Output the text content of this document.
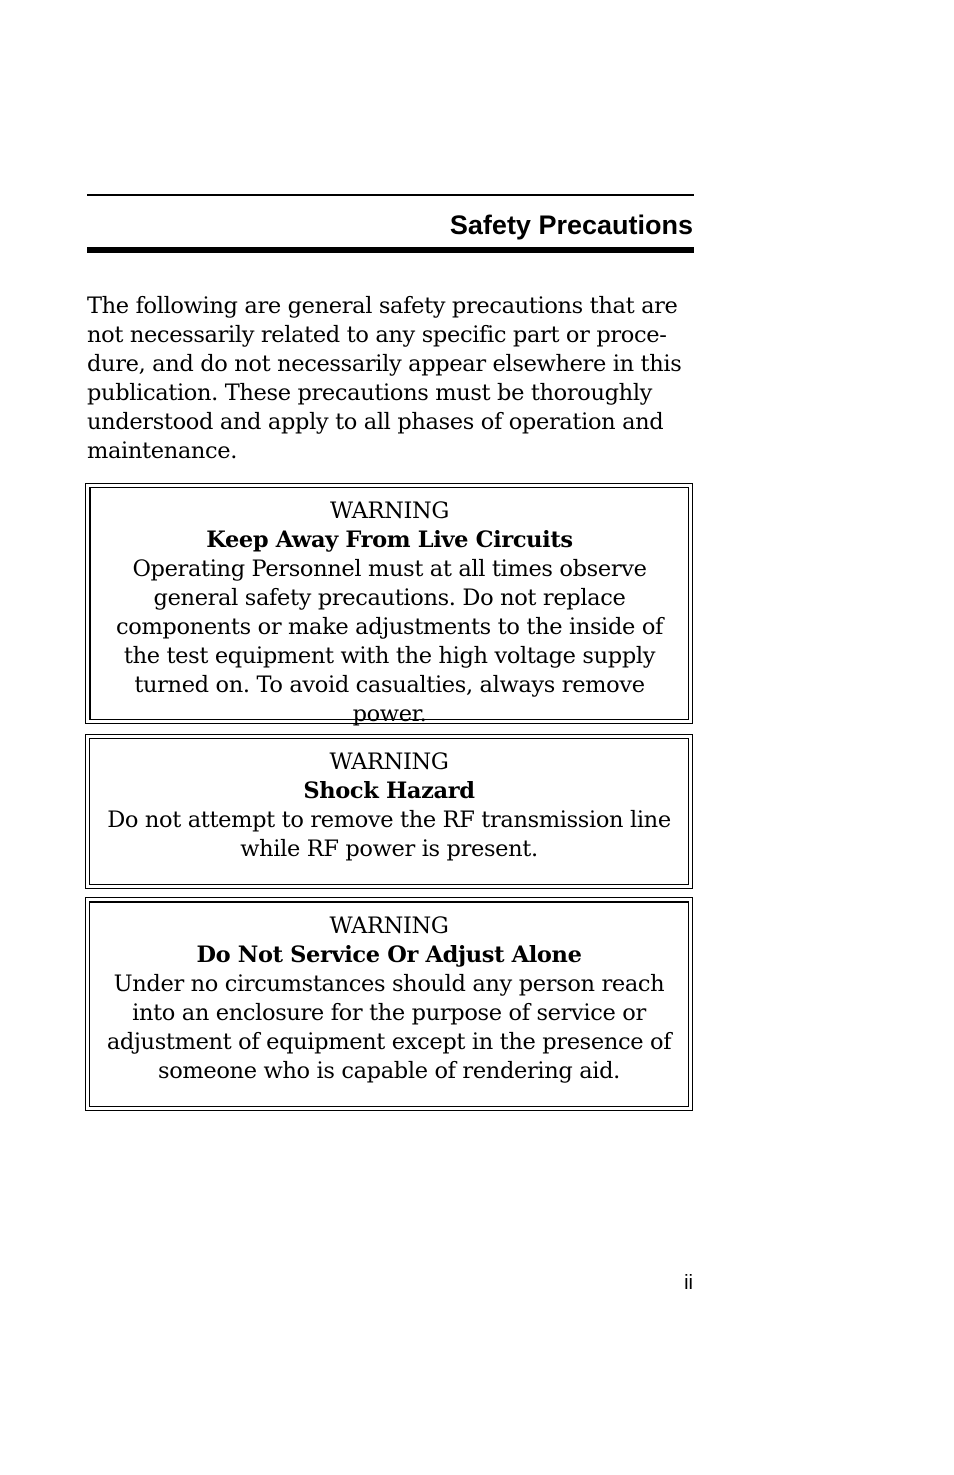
Safety Precautions

The following are general safety precautions that are not necessarily related to any specific part or proce-dure, and do not necessarily appear elsewhere in this publication. These precautions must be thoroughly understood and apply to all phases of operation and maintenance.

WARNING
Keep Away From Live Circuits
Operating Personnel must at all times observe general safety precautions. Do not replace components or make adjustments to the inside of the test equipment with the high voltage supply turned on. To avoid casualties, always remove power.
WARNING
Shock Hazard
Do not attempt to remove the RF transmission line while RF power is present.
WARNING
Do Not Service Or Adjust Alone
Under no circumstances should any person reach into an enclosure for the purpose of service or adjustment of equipment except in the presence of someone who is capable of rendering aid.
ii
